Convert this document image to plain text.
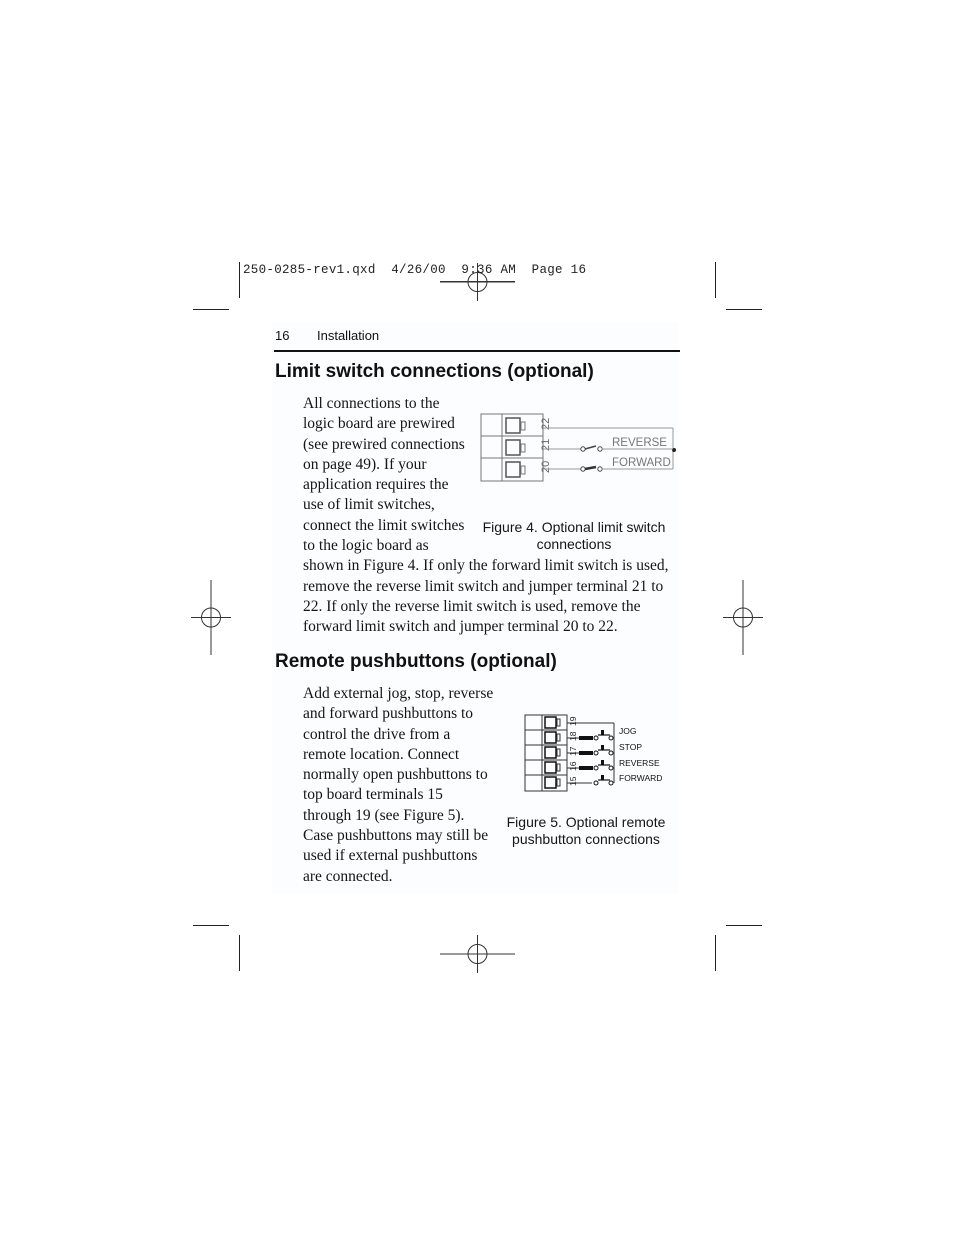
250-0285-rev1.qxd  4/26/00  9:36 AM  Page 16
16 Installation
Limit switch connections (optional)
All connections to the
logic board are prewired
(see prewired connections
on page 49). If your
application requires the
use of limit switches,
connect the limit switches
to the logic board as
shown in Figure 4. If only the forward limit switch is used,
remove the reverse limit switch and jumper terminal 21 to
22. If only the reverse limit switch is used, remove the
forward limit switch and jumper terminal 20 to 22.
20
21
22
REVERSE
FORWARD
Figure 4. Optional limit switch
connections
Remote pushbuttons (optional)
Add external jog, stop, reverse
and forward pushbuttons to
control the drive from a
remote location. Connect
normally open pushbuttons to
top board terminals 15
through 19 (see Figure 5).
Case pushbuttons may still be
used if external pushbuttons
are connected.
15
16
17
18
19
JOG
STOP
REVERSE
FORWARD
Figure 5. Optional remote
pushbutton connections
